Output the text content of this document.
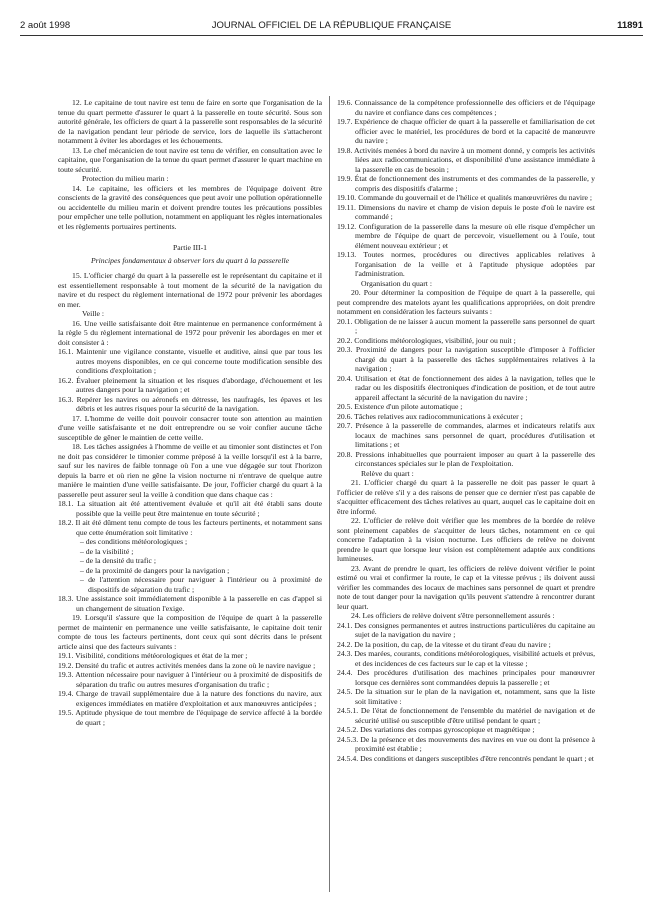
2 août 1998	JOURNAL OFFICIEL DE LA RÉPUBLIQUE FRANÇAISE	11891
12. Le capitaine de tout navire est tenu de faire en sorte que l'organisation de la tenue du quart permette d'assurer le quart à la passerelle en toute sécurité. Sous son autorité générale, les officiers de quart à la passerelle sont responsables de la sécurité de la navigation pendant leur période de service, lors de laquelle ils s'attacheront notamment à éviter les abordages et les échouements.
13. Le chef mécanicien de tout navire est tenu de vérifier, en consultation avec le capitaine, que l'organisation de la tenue du quart permet d'assurer le quart machine en toute sécurité.
Protection du milieu marin :
14. Le capitaine, les officiers et les membres de l'équipage doivent être conscients de la gravité des conséquences que peut avoir une pollution opérationnelle ou accidentelle du milieu marin et doivent prendre toutes les précautions possibles pour empêcher une telle pollution, notamment en appliquant les règles internationales et les règlements portuaires pertinents.
Partie III-1
Principes fondamentaux à observer lors du quart à la passerelle
15. L'officier chargé du quart à la passerelle est le représentant du capitaine et il est essentiellement responsable à tout moment de la sécurité de la navigation du navire et du respect du règlement international de 1972 pour prévenir les abordages en mer.
Veille :
16. Une veille satisfaisante doit être maintenue en permanence conformément à la règle 5 du règlement international de 1972 pour prévenir les abordages en mer et doit consister à :
16.1. Maintenir une vigilance constante, visuelle et auditive, ainsi que par tous les autres moyens disponibles, en ce qui concerne toute modification sensible des conditions d'exploitation ;
16.2. Évaluer pleinement la situation et les risques d'abordage, d'échouement et les autres dangers pour la navigation ; et
16.3. Repérer les navires ou aéronefs en détresse, les naufragés, les épaves et les débris et les autres risques pour la sécurité de la navigation.
17. L'homme de veille doit pouvoir consacrer toute son attention au maintien d'une veille satisfaisante et ne doit entreprendre ou se voir confier aucune tâche susceptible de gêner le maintien de cette veille.
18. Les tâches assignées à l'homme de veille et au timonier sont distinctes et l'on ne doit pas considérer le timonier comme préposé à la veille lorsqu'il est à la barre, sauf sur les navires de faible tonnage où l'on a une vue dégagée sur tout l'horizon depuis la barre et où rien ne gêne la vision nocturne ni n'entrave de quelque autre manière le maintien d'une veille satisfaisante. De jour, l'officier chargé du quart à la passerelle peut assurer seul la veille à condition que dans chaque cas :
18.1. La situation ait été attentivement évaluée et qu'il ait été établi sans doute possible que la veille peut être maintenue en toute sécurité ;
18.2. Il ait été dûment tenu compte de tous les facteurs pertinents, et notamment sans que cette énumération soit limitative :
– des conditions météorologiques ;
– de la visibilité ;
– de la densité du trafic ;
– de la proximité de dangers pour la navigation ;
– de l'attention nécessaire pour naviguer à l'intérieur ou à proximité de dispositifs de séparation du trafic ;
18.3. Une assistance soit immédiatement disponible à la passerelle en cas d'appel si un changement de situation l'exige.
19. Lorsqu'il s'assure que la composition de l'équipe de quart à la passerelle permet de maintenir en permanence une veille satisfaisante, le capitaine doit tenir compte de tous les facteurs pertinents, dont ceux qui sont décrits dans le présent article ainsi que des facteurs suivants :
19.1. Visibilité, conditions météorologiques et état de la mer ;
19.2. Densité du trafic et autres activités menées dans la zone où le navire navigue ;
19.3. Attention nécessaire pour naviguer à l'intérieur ou à proximité de dispositifs de séparation du trafic ou autres mesures d'organisation du trafic ;
19.4. Charge de travail supplémentaire due à la nature des fonctions du navire, aux exigences immédiates en matière d'exploitation et aux manœuvres anticipées ;
19.5. Aptitude physique de tout membre de l'équipage de service affecté à la bordée de quart ;
19.6. Connaissance de la compétence professionnelle des officiers et de l'équipage du navire et confiance dans ces compétences ;
19.7. Expérience de chaque officier de quart à la passerelle et familiarisation de cet officier avec le matériel, les procédures de bord et la capacité de manœuvre du navire ;
19.8. Activités menées à bord du navire à un moment donné, y compris les activités liées aux radiocommunications, et disponibilité d'une assistance immédiate à la passerelle en cas de besoin ;
19.9. État de fonctionnement des instruments et des commandes de la passerelle, y compris des dispositifs d'alarme ;
19.10. Commande du gouvernail et de l'hélice et qualités manœuvrières du navire ;
19.11. Dimensions du navire et champ de vision depuis le poste d'où le navire est commandé ;
19.12. Configuration de la passerelle dans la mesure où elle risque d'empêcher un membre de l'équipe de quart de percevoir, visuellement ou à l'ouïe, tout élément nouveau extérieur ; et
19.13. Toutes normes, procédures ou directives applicables relatives à l'organisation de la veille et à l'aptitude physique adoptées par l'administration.
Organisation du quart :
20. Pour déterminer la composition de l'équipe de quart à la passerelle, qui peut comprendre des matelots ayant les qualifications appropriées, on doit prendre notamment en considération les facteurs suivants :
20.1. Obligation de ne laisser à aucun moment la passerelle sans personnel de quart ;
20.2. Conditions météorologiques, visibilité, jour ou nuit ;
20.3. Proximité de dangers pour la navigation susceptible d'imposer à l'officier chargé du quart à la passerelle des tâches supplémentaires relatives à la navigation ;
20.4. Utilisation et état de fonctionnement des aides à la navigation, telles que le radar ou les dispositifs électroniques d'indication de position, et de tout autre appareil affectant la sécurité de la navigation du navire ;
20.5. Existence d'un pilote automatique ;
20.6. Tâches relatives aux radiocommunications à exécuter ;
20.7. Présence à la passerelle de commandes, alarmes et indicateurs relatifs aux locaux de machines sans personnel de quart, procédures d'utilisation et limitations ; et
20.8. Pressions inhabituelles que pourraient imposer au quart à la passerelle des circonstances spéciales sur le plan de l'exploitation.
Relève du quart :
21. L'officier chargé du quart à la passerelle ne doit pas passer le quart à l'officier de relève s'il y a des raisons de penser que ce dernier n'est pas capable de s'acquitter efficacement des tâches relatives au quart, auquel cas le capitaine doit en être informé.
22. L'officier de relève doit vérifier que les membres de la bordée de relève sont pleinement capables de s'acquitter de leurs tâches, notamment en ce qui concerne l'adaptation à la vision nocturne. Les officiers de relève ne doivent prendre le quart que lorsque leur vision est complètement adaptée aux conditions lumineuses.
23. Avant de prendre le quart, les officiers de relève doivent vérifier le point estimé ou vrai et confirmer la route, le cap et la vitesse prévus ; ils doivent aussi vérifier les commandes des locaux de machines sans personnel de quart et prendre note de tout danger pour la navigation qu'ils peuvent s'attendre à rencontrer durant leur quart.
24. Les officiers de relève doivent s'être personnellement assurés :
24.1. Des consignes permanentes et autres instructions particulières du capitaine au sujet de la navigation du navire ;
24.2. De la position, du cap, de la vitesse et du tirant d'eau du navire ;
24.3. Des marées, courants, conditions météorologiques, visibilité actuels et prévus, et des incidences de ces facteurs sur le cap et la vitesse ;
24.4. Des procédures d'utilisation des machines principales pour manœuvrer lorsque ces dernières sont commandées depuis la passerelle ; et
24.5. De la situation sur le plan de la navigation et, notamment, sans que la liste soit limitative :
24.5.1. De l'état de fonctionnement de l'ensemble du matériel de navigation et de sécurité utilisé ou susceptible d'être utilisé pendant le quart ;
24.5.2. Des variations des compas gyroscopique et magnétique ;
24.5.3. De la présence et des mouvements des navires en vue ou dont la présence à proximité est établie ;
24.5.4. Des conditions et dangers susceptibles d'être rencontrés pendant le quart ; et
